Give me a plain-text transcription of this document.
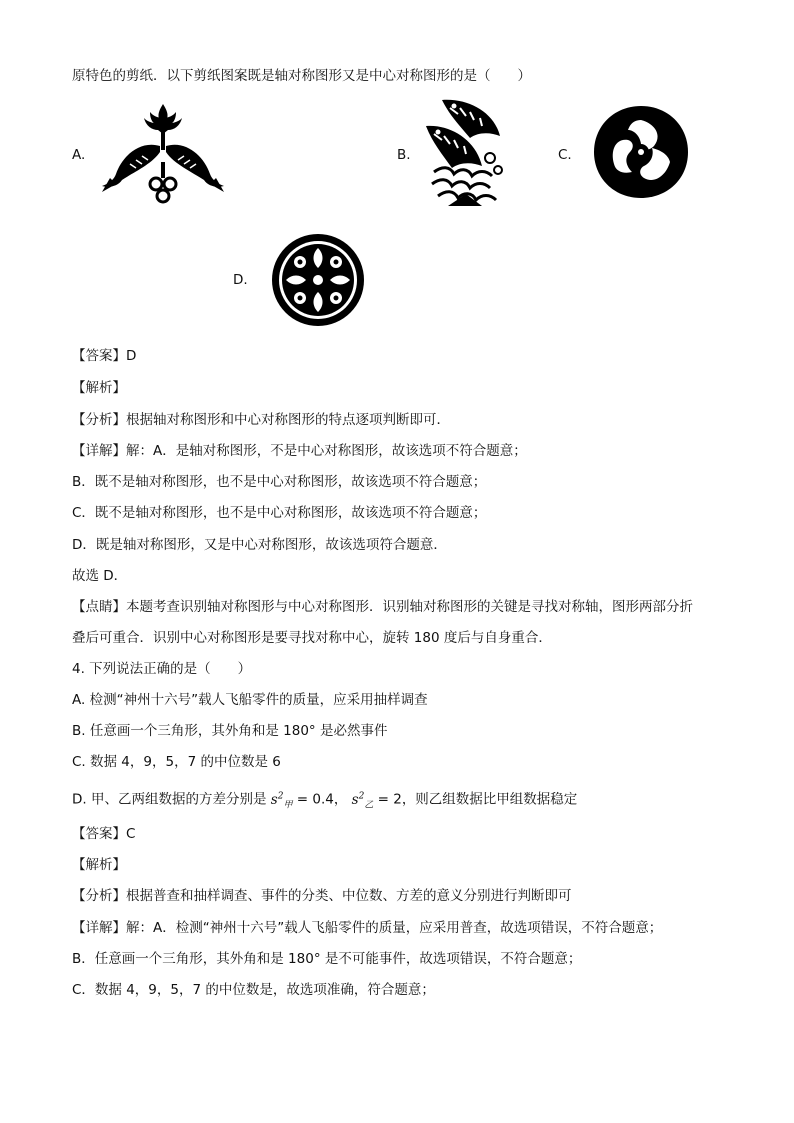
原特色的剪纸．以下剪纸图案既是轴对称图形又是中心对称图形的是（　　）
A.	B.	C.
D.
【答案】D
【解析】
【分析】根据轴对称图形和中心对称图形的特点逐项判断即可．
【详解】解：A．是轴对称图形，不是中心对称图形，故该选项不符合题意；
B．既不是轴对称图形，也不是中心对称图形，故该选项不符合题意；
C．既不是轴对称图形，也不是中心对称图形，故该选项不符合题意；
D．既是轴对称图形，又是中心对称图形，故该选项符合题意．
故选 D．
【点睛】本题考查识别轴对称图形与中心对称图形．识别轴对称图形的关键是寻找对称轴，图形两部分折
叠后可重合．识别中心对称图形是要寻找对称中心，旋转 180 度后与自身重合．
4. 下列说法正确的是（　　）
A. 检测“神州十六号”载人飞船零件的质量，应采用抽样调查
B. 任意画一个三角形，其外角和是 180° 是必然事件
C. 数据 4，9，5，7 的中位数是 6
D. 甲、乙两组数据的方差分别是 $s^2_甲 = 0.4$， $s^2_乙 = 2$，则乙组数据比甲组数据稳定
【答案】C
【解析】
【分析】根据普查和抽样调查、事件的分类、中位数、方差的意义分别进行判断即可
【详解】解：A．检测“神州十六号”载人飞船零件的质量，应采用普查，故选项错误，不符合题意；
B．任意画一个三角形，其外角和是 180° 是不可能事件，故选项错误，不符合题意；
C．数据 4，9，5，7 的中位数是，故选项准确，符合题意；
